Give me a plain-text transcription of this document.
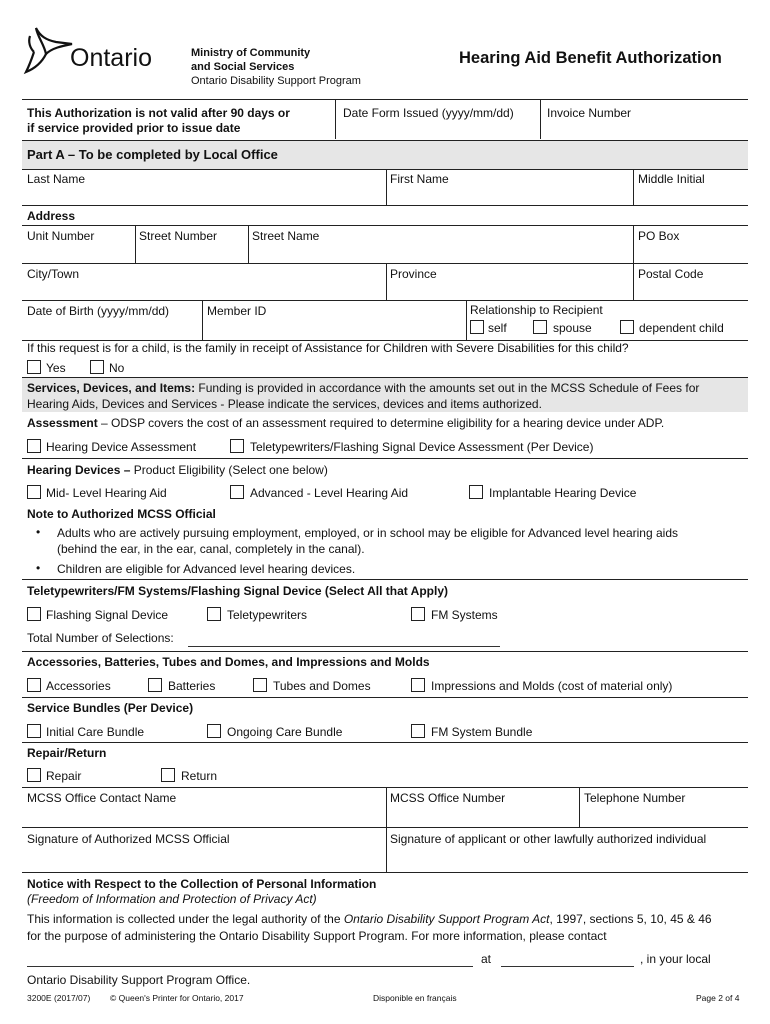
Ontario	Ministry of Community
and Social Services
Ontario Disability Support Program
Hearing Aid Benefit Authorization
This Authorization is not valid after 90 days or
if service provided prior to issue date
Date Form Issued (yyyy/mm/dd)	Invoice Number
Part A – To be completed by Local Office
Last Name	First Name	Middle Initial
Address
Unit Number	Street Number	Street Name	PO Box
City/Town	Province	Postal Code
Date of Birth (yyyy/mm/dd)	Member ID	Relationship to Recipient
self	spouse	dependent child
If this request is for a child, is the family in receipt of Assistance for Children with Severe Disabilities for this child?
Yes	No
Services, Devices, and Items: Funding is provided in accordance with the amounts set out in the MCSS Schedule of Fees for
Hearing Aids, Devices and Services - Please indicate the services, devices and items authorized.
Assessment – ODSP covers the cost of an assessment required to determine eligibility for a hearing device under ADP.
Hearing Device Assessment	Teletypewriters/Flashing Signal Device Assessment (Per Device)
Hearing Devices – Product Eligibility (Select one below)
Mid- Level Hearing Aid	Advanced - Level Hearing Aid	Implantable Hearing Device
Note to Authorized MCSS Official
• Adults who are actively pursuing employment, employed, or in school may be eligible for Advanced level hearing aids
(behind the ear, in the ear, canal, completely in the canal).
• Children are eligible for Advanced level hearing devices.
Teletypewriters/FM Systems/Flashing Signal Device (Select All that Apply)
Flashing Signal Device	Teletypewriters	FM Systems
Total Number of Selections:
Accessories, Batteries, Tubes and Domes, and Impressions and Molds
Accessories	Batteries	Tubes and Domes	Impressions and Molds (cost of material only)
Service Bundles (Per Device)
Initial Care Bundle	Ongoing Care Bundle	FM System Bundle
Repair/Return
Repair	Return
MCSS Office Contact Name	MCSS Office Number	Telephone Number
Signature of Authorized MCSS Official	Signature of applicant or other lawfully authorized individual
Notice with Respect to the Collection of Personal Information
(Freedom of Information and Protection of Privacy Act)
This information is collected under the legal authority of the Ontario Disability Support Program Act, 1997, sections 5, 10, 45 & 46
for the purpose of administering the Ontario Disability Support Program. For more information, please contact
at	, in your local
Ontario Disability Support Program Office.
3200E (2017/07) © Queen's Printer for Ontario, 2017	Disponible en français	Page 2 of 4
